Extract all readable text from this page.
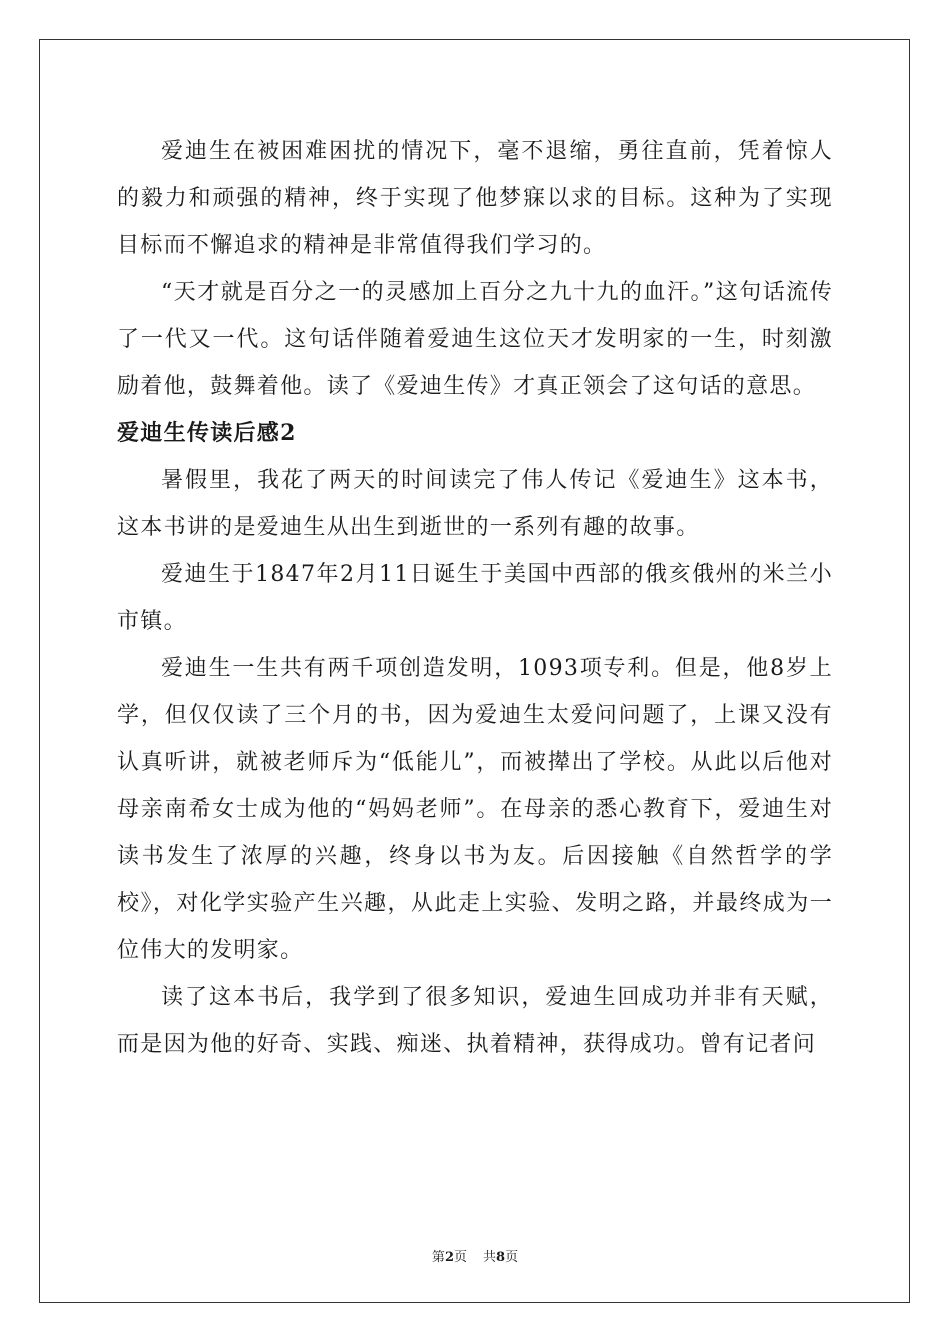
爱迪生在被困难困扰的情况下，毫不退缩，勇往直前，凭着惊人的毅力和顽强的精神，终于实现了他梦寐以求的目标。这种为了实现目标而不懈追求的精神是非常值得我们学习的。

“天才就是百分之一的灵感加上百分之九十九的血汗。”这句话流传了一代又一代。这句话伴随着爱迪生这位天才发明家的一生，时刻激励着他，鼓舞着他。读了《爱迪生传》才真正领会了这句话的意思。

爱迪生传读后感2

暑假里，我花了两天的时间读完了伟人传记《爱迪生》这本书，这本书讲的是爱迪生从出生到逝世的一系列有趣的故事。

爱迪生于1847年2月11日诞生于美国中西部的俄亥俄州的米兰小市镇。

爱迪生一生共有两千项创造发明，1093项专利。但是，他8岁上学，但仅仅读了三个月的书，因为爱迪生太爱问问题了，上课又没有认真听讲，就被老师斥为“低能儿”，而被撵出了学校。从此以后他对母亲南希女士成为他的“妈妈老师”。在母亲的悉心教育下，爱迪生对读书发生了浓厚的兴趣，终身以书为友。后因接触《自然哲学的学校》，对化学实验产生兴趣，从此走上实验、发明之路，并最终成为一位伟大的发明家。

读了这本书后，我学到了很多知识，爱迪生回成功并非有天赋，而是因为他的好奇、实践、痴迷、执着精神，获得成功。曾有记者问

第2页 共8页
